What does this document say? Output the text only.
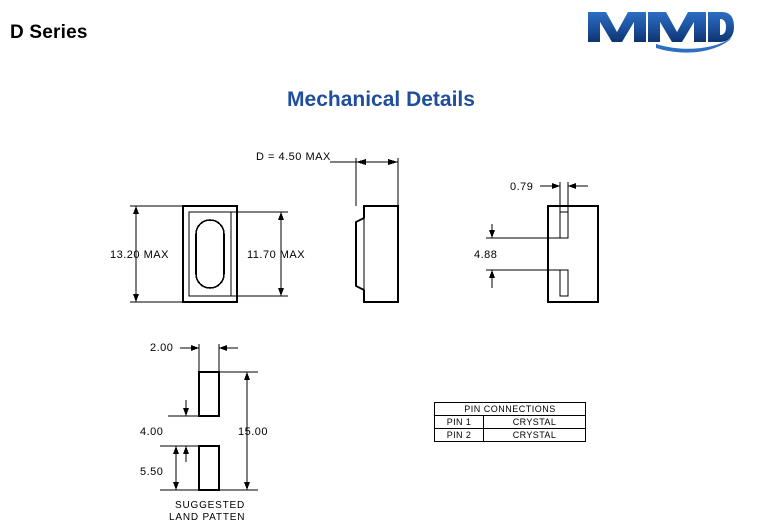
D Series
Mechanical Details
13.20 MAX	11.70 MAX
D = 4.50 MAX
0.79
4.88
2.00
4.00
5.50
15.00
SUGGESTED
LAND PATTEN
PIN CONNECTIONS	
PIN 1	CRYSTAL
PIN 2	CRYSTAL
